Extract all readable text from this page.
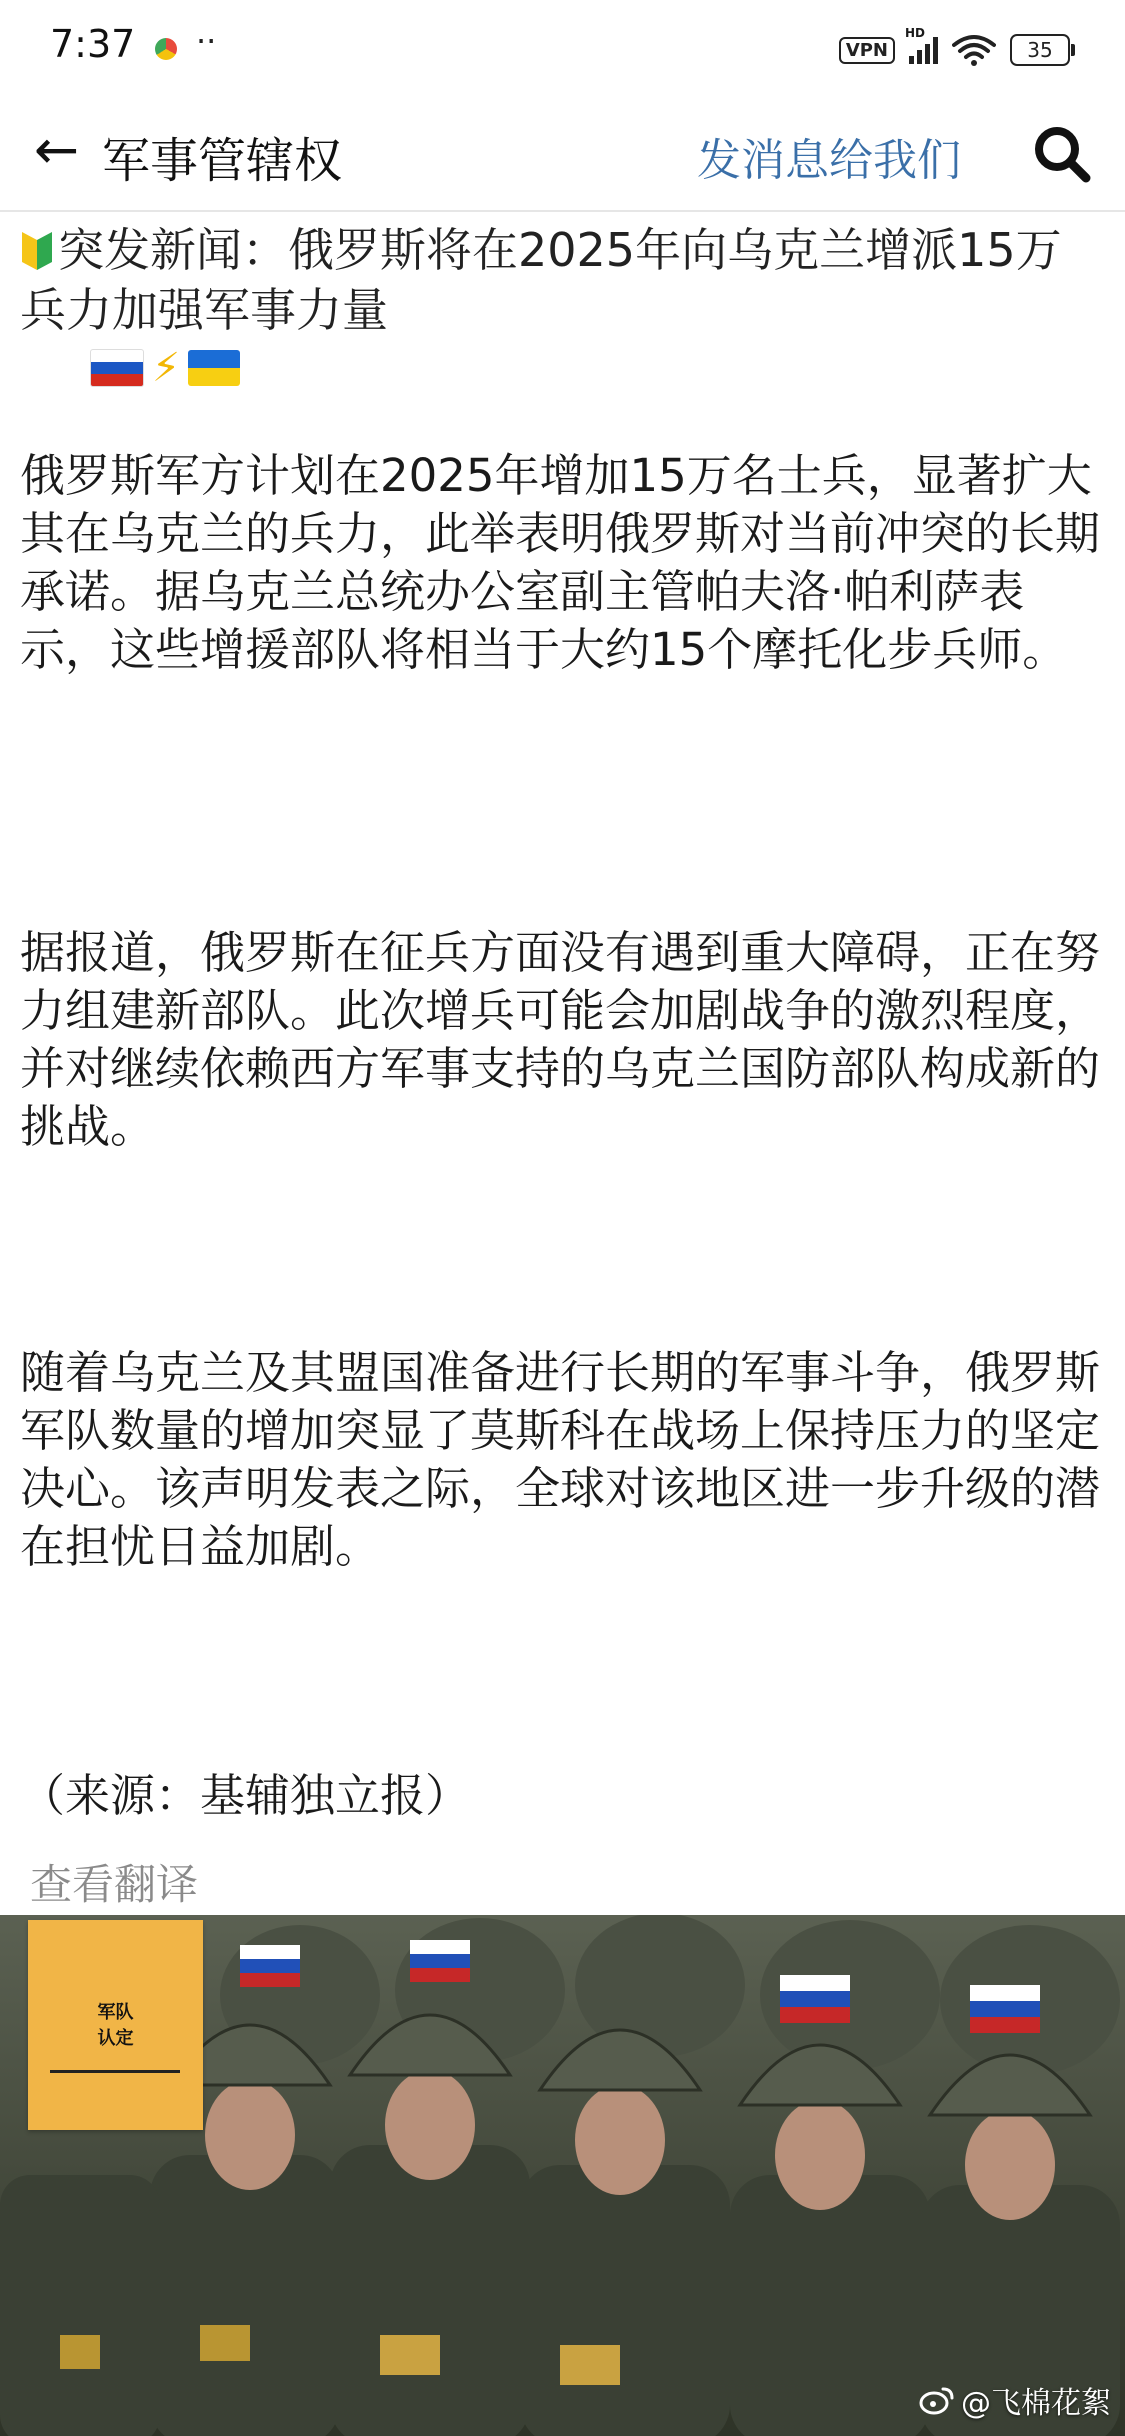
7:37 ··	VPN
HD
35
← 军事管辖权	发消息给我们
突发新闻：俄罗斯将在2025年向乌克兰增派15万兵力加强军事力量
⚡
俄罗斯军方计划在2025年增加15万名士兵，显著扩大其在乌克兰的兵力，此举表明俄罗斯对当前冲突的长期承诺。据乌克兰总统办公室副主管帕夫洛·帕利萨表示，这些增援部队将相当于大约15个摩托化步兵师。
据报道，俄罗斯在征兵方面没有遇到重大障碍，正在努力组建新部队。此次增兵可能会加剧战争的激烈程度，并对继续依赖西方军事支持的乌克兰国防部队构成新的挑战。
随着乌克兰及其盟国准备进行长期的军事斗争，俄罗斯军队数量的增加突显了莫斯科在战场上保持压力的坚定决心。该声明发表之际，全球对该地区进一步升级的潜在担忧日益加剧。
（来源：基辅独立报）
查看翻译
军队
认定
@飞棉花絮
